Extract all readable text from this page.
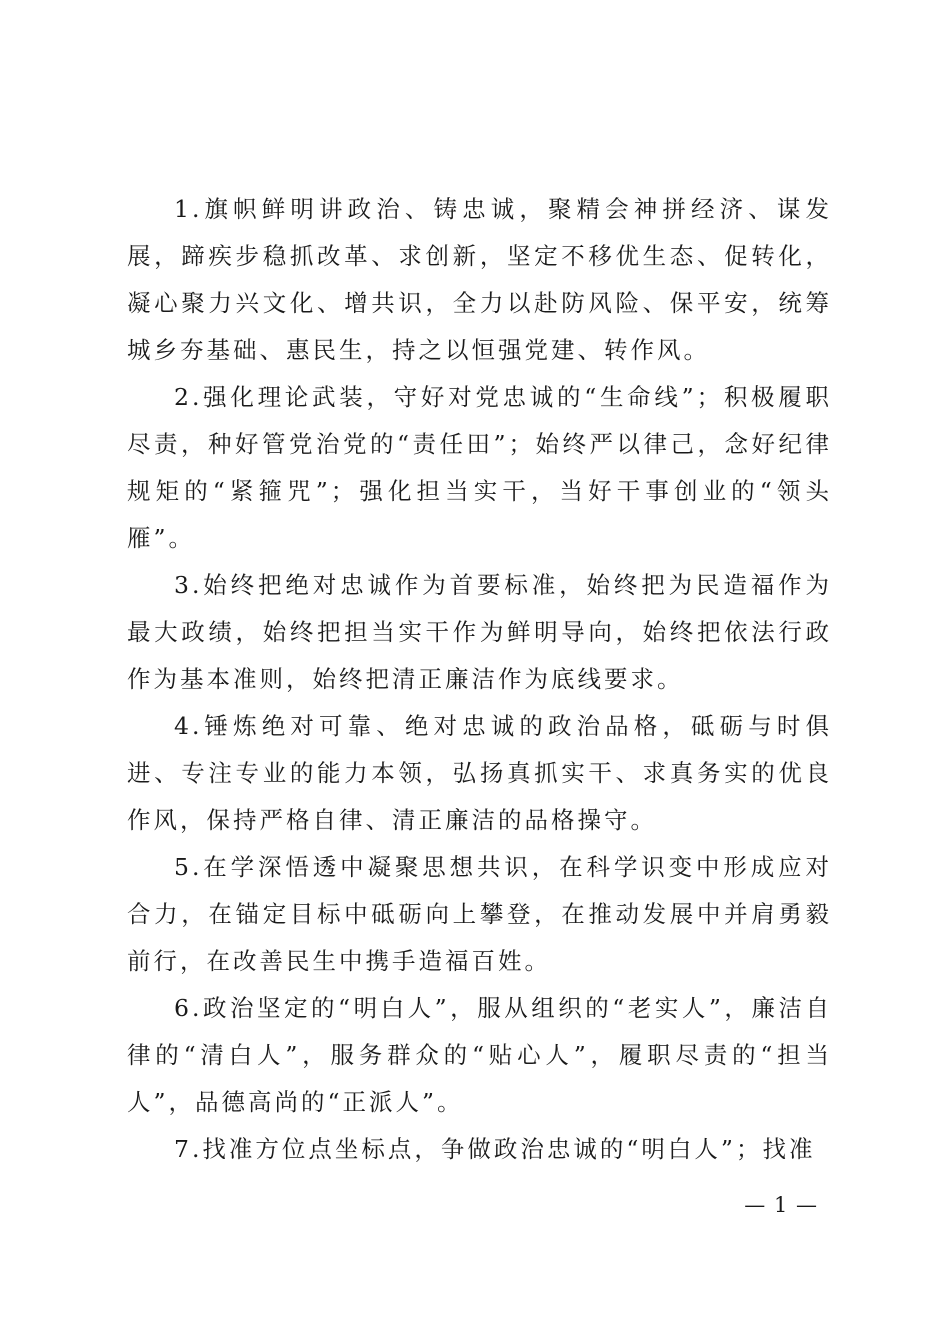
1.旗帜鲜明讲政治、铸忠诚，聚精会神拼经济、谋发展，蹄疾步稳抓改革、求创新，坚定不移优生态、促转化，凝心聚力兴文化、增共识，全力以赴防风险、保平安，统筹城乡夯基础、惠民生，持之以恒强党建、转作风。

2.强化理论武装，守好对党忠诚的“生命线”；积极履职尽责，种好管党治党的“责任田”；始终严以律己，念好纪律规矩的“紧箍咒”；强化担当实干，当好干事创业的“领头雁”。

3.始终把绝对忠诚作为首要标准，始终把为民造福作为最大政绩，始终把担当实干作为鲜明导向，始终把依法行政作为基本准则，始终把清正廉洁作为底线要求。

4.锤炼绝对可靠、绝对忠诚的政治品格，砥砺与时俱进、专注专业的能力本领，弘扬真抓实干、求真务实的优良作风，保持严格自律、清正廉洁的品格操守。

5.在学深悟透中凝聚思想共识，在科学识变中形成应对合力，在锚定目标中砥砺向上攀登，在推动发展中并肩勇毅前行，在改善民生中携手造福百姓。

6.政治坚定的“明白人”，服从组织的“老实人”，廉洁自律的“清白人”，服务群众的“贴心人”，履职尽责的“担当人”，品德高尚的“正派人”。

7.找准方位点坐标点，争做政治忠诚的“明白人”；找准

— 1 —
